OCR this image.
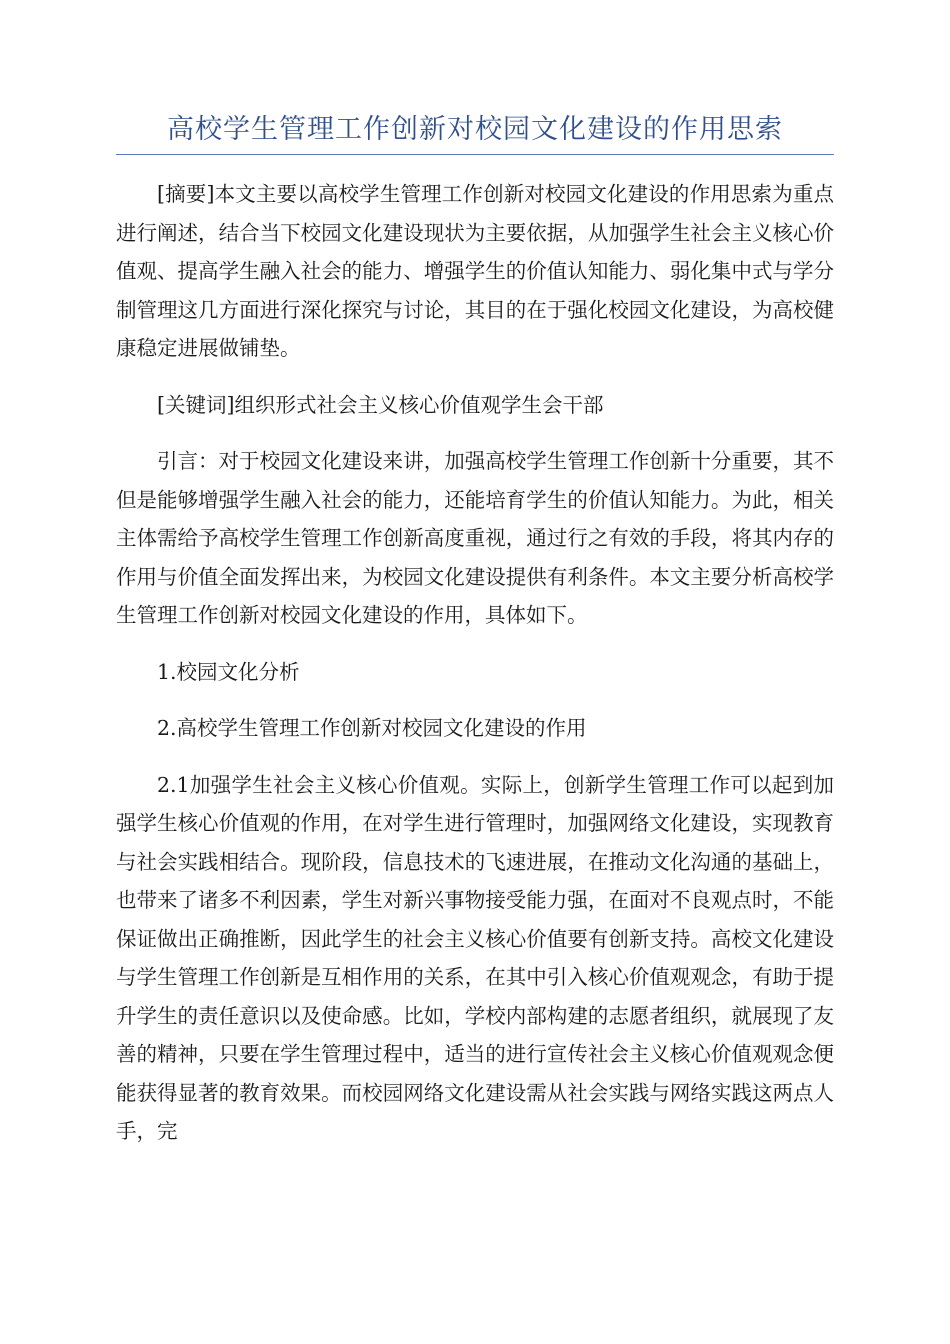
高校学生管理工作创新对校园文化建设的作用思索

[摘要]本文主要以高校学生管理工作创新对校园文化建设的作用思索为重点进行阐述，结合当下校园文化建设现状为主要依据，从加强学生社会主义核心价值观、提高学生融入社会的能力、增强学生的价值认知能力、弱化集中式与学分制管理这几方面进行深化探究与讨论，其目的在于强化校园文化建设，为高校健康稳定进展做铺垫。

[关键词]组织形式社会主义核心价值观学生会干部

引言：对于校园文化建设来讲，加强高校学生管理工作创新十分重要，其不但是能够增强学生融入社会的能力，还能培育学生的价值认知能力。为此，相关主体需给予高校学生管理工作创新高度重视，通过行之有效的手段，将其内存的作用与价值全面发挥出来，为校园文化建设提供有利条件。本文主要分析高校学生管理工作创新对校园文化建设的作用，具体如下。

1.校园文化分析

2.高校学生管理工作创新对校园文化建设的作用

2.1加强学生社会主义核心价值观。实际上，创新学生管理工作可以起到加强学生核心价值观的作用，在对学生进行管理时，加强网络文化建设，实现教育与社会实践相结合。现阶段，信息技术的飞速进展，在推动文化沟通的基础上，也带来了诸多不利因素，学生对新兴事物接受能力强，在面对不良观点时，不能保证做出正确推断，因此学生的社会主义核心价值要有创新支持。高校文化建设与学生管理工作创新是互相作用的关系，在其中引入核心价值观观念，有助于提升学生的责任意识以及使命感。比如，学校内部构建的志愿者组织，就展现了友善的精神，只要在学生管理过程中，适当的进行宣传社会主义核心价值观观念便能获得显著的教育效果。而校园网络文化建设需从社会实践与网络实践这两点人手，完
